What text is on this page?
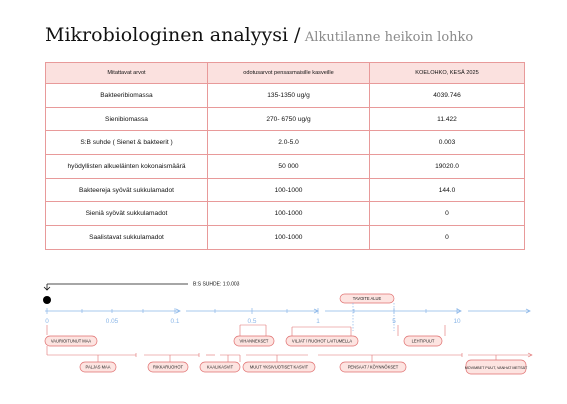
Mikrobiologinen analyysi / Alkutilanne heikoin lohko
Mitattavat arvot	odotusarvot pensasmaisille kasveille	KOELOHKO, KESÄ 2025
Bakteeribiomassa	135-1350 ug/g	4039.746
Sienibiomassa	270- 6750 ug/g	11.422
S:B suhde ( Sienet & bakteerit )	2.0-5.0	0.003
hyödyllisten alkueläinten kokonaismäärä	50 000	19020.0
Bakteereja syövät sukkulamadot	100-1000	144.0
Sieniä syövät sukkulamadot	100-1000	0
Saalistavat sukkulamadot	100-1000	0
B:S SUHDE: 1:0.003
TAVOITE ALUE
0	0.05	0.1	0.5	1	5	10
VAURIOITUNUT MAA	VIHANNEKSET	VILJAT / RUOHOT LAITUMELLA	LEHTIPUUT
PALJAS MAA	RIKKARUOHOT	KAALIKASVIT	MUUT YKSIVUOTISET KASVIT	PENSAAT / KÖYNNÖKSET	MOVIMBET PUUT, VANHAT METSÄT
